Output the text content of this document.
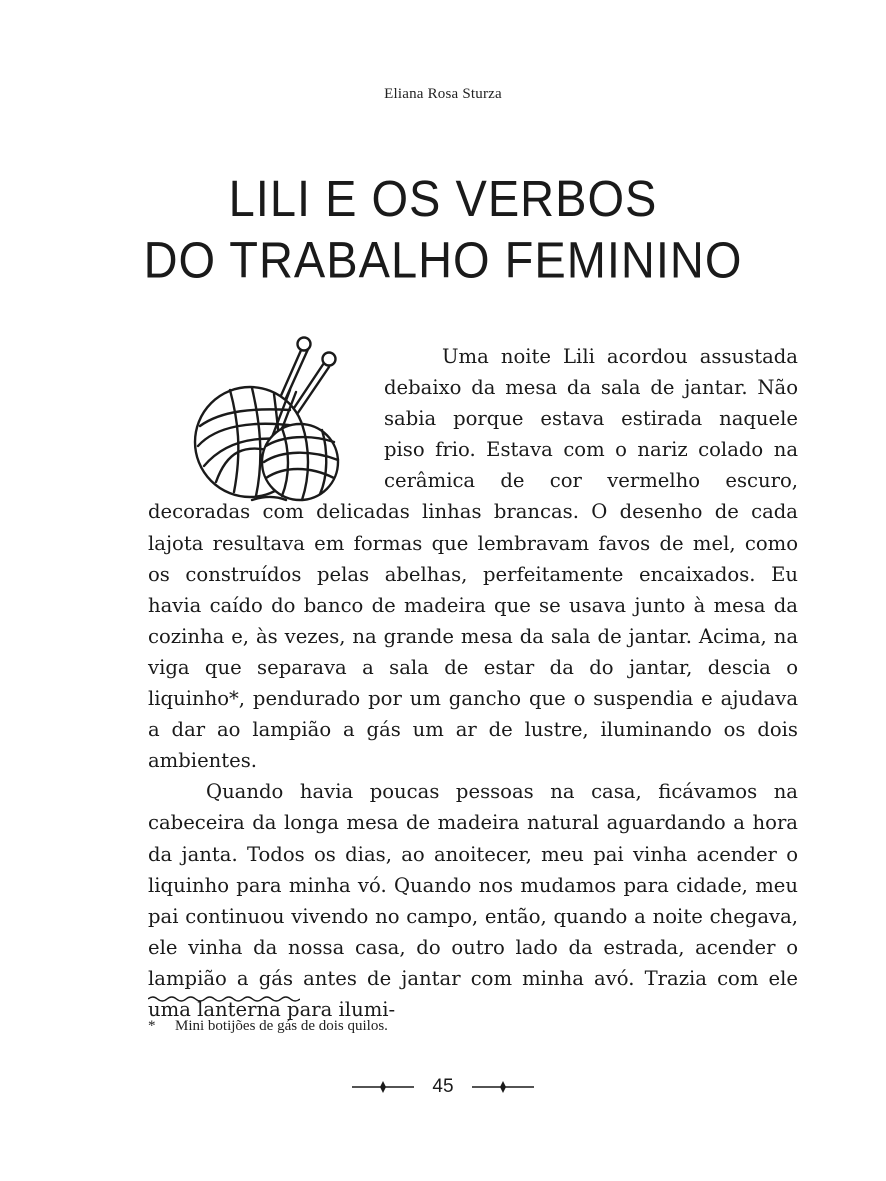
Eliana Rosa Sturza
LILI E OS VERBOS
DO TRABALHO FEMININO

Uma noite Lili acordou assustada debaixo da mesa da sala de jantar. Não sabia porque estava estirada naquele piso frio. Estava com o nariz colado na cerâmica de cor vermelho escuro, decoradas com delicadas linhas brancas. O desenho de cada lajota resultava em formas que lembravam favos de mel, como os construídos pelas abelhas, perfeitamente encaixados. Eu havia caído do banco de madeira que se usava junto à mesa da cozinha e, às vezes, na grande mesa da sala de jantar. Acima, na viga que separava a sala de estar da do jantar, descia o liquinho*, pendurado por um gancho que o suspendia e ajudava a dar ao lampião a gás um ar de lustre, iluminando os dois ambientes.

Quando havia poucas pessoas na casa, ficávamos na cabeceira da longa mesa de madeira natural aguardando a hora da janta. Todos os dias, ao anoitecer, meu pai vinha acender o liquinho para minha vó. Quando nos mudamos para cidade, meu pai continuou vivendo no campo, então, quando a noite chegava, ele vinha da nossa casa, do outro lado da estrada, acender o lampião a gás antes de jantar com minha avó. Trazia com ele uma lanterna para ilumi-

* Mini botijões de gás de dois quilos.
45
